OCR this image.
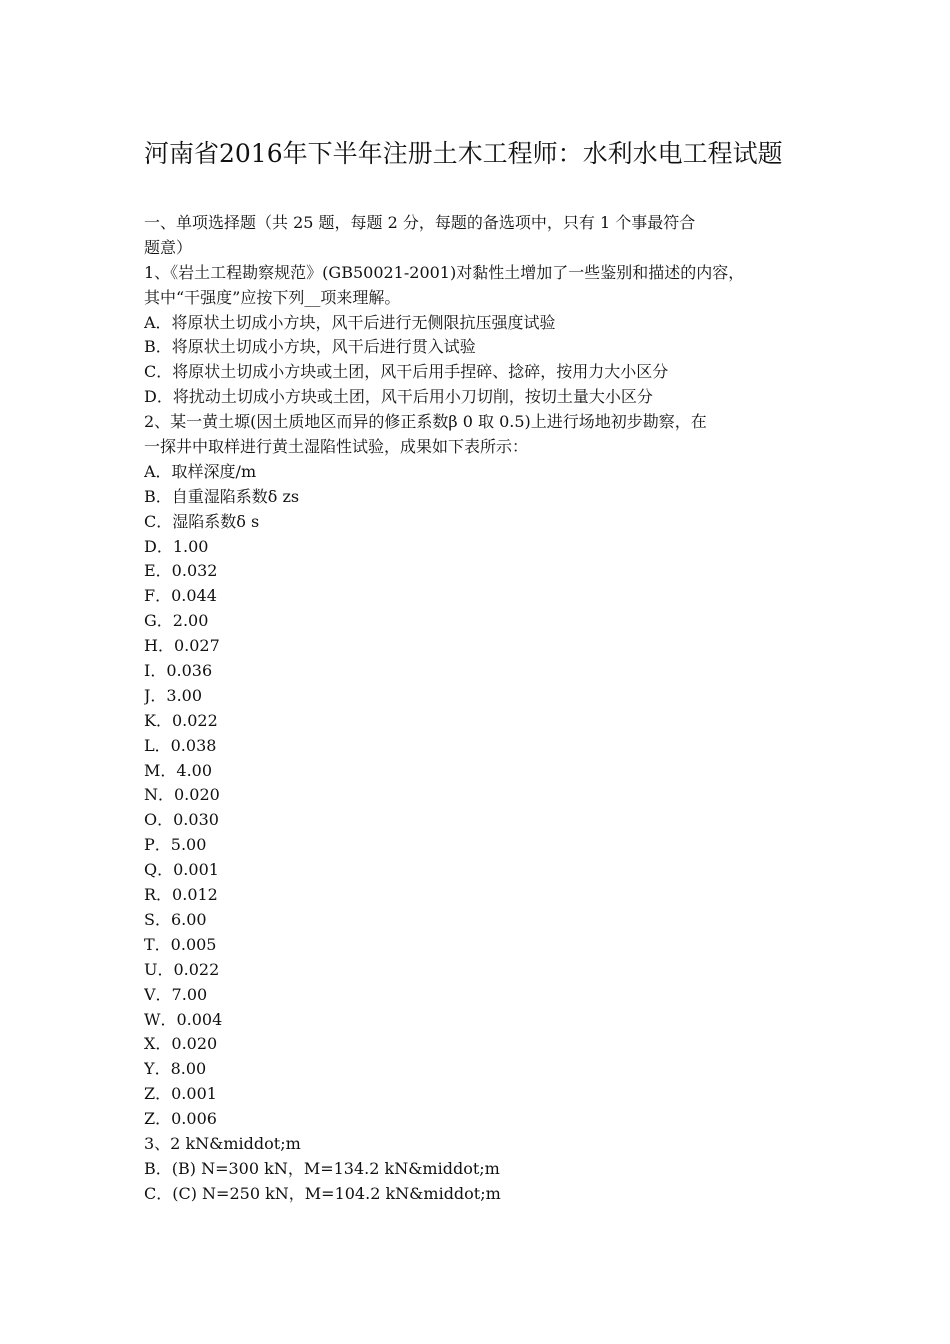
河南省2016年下半年注册土木工程师：水利水电工程试题
一、单项选择题（共 25 题，每题 2 分，每题的备选项中，只有 1 个事最符合
题意）
1、《岩土工程勘察规范》(GB50021-2001)对黏性土增加了一些鉴别和描述的内容，
其中“干强度”应按下列__项来理解。
A．将原状土切成小方块，风干后进行无侧限抗压强度试验
B．将原状土切成小方块，风干后进行贯入试验
C．将原状土切成小方块或土团，风干后用手捏碎、捻碎，按用力大小区分
D．将扰动土切成小方块或土团，风干后用小刀切削，按切土量大小区分
2、某一黄土塬(因土质地区而异的修正系数β 0 取 0.5)上进行场地初步勘察，在
一探井中取样进行黄土湿陷性试验，成果如下表所示：
A．取样深度/m
B．自重湿陷系数δ zs
C．湿陷系数δ s
D．1.00
E．0.032
F．0.044
G．2.00
H．0.027
I．0.036
J．3.00
K．0.022
L．0.038
M．4.00
N．0.020
O．0.030
P．5.00
Q．0.001
R．0.012
S．6.00
T．0.005
U．0.022
V．7.00
W．0.004
X．0.020
Y．8.00
Z．0.001
Z．0.006
3、2 kN&middot;m
B．(B) N=300 kN，M=134.2 kN&middot;m
C．(C) N=250 kN，M=104.2 kN&middot;m
